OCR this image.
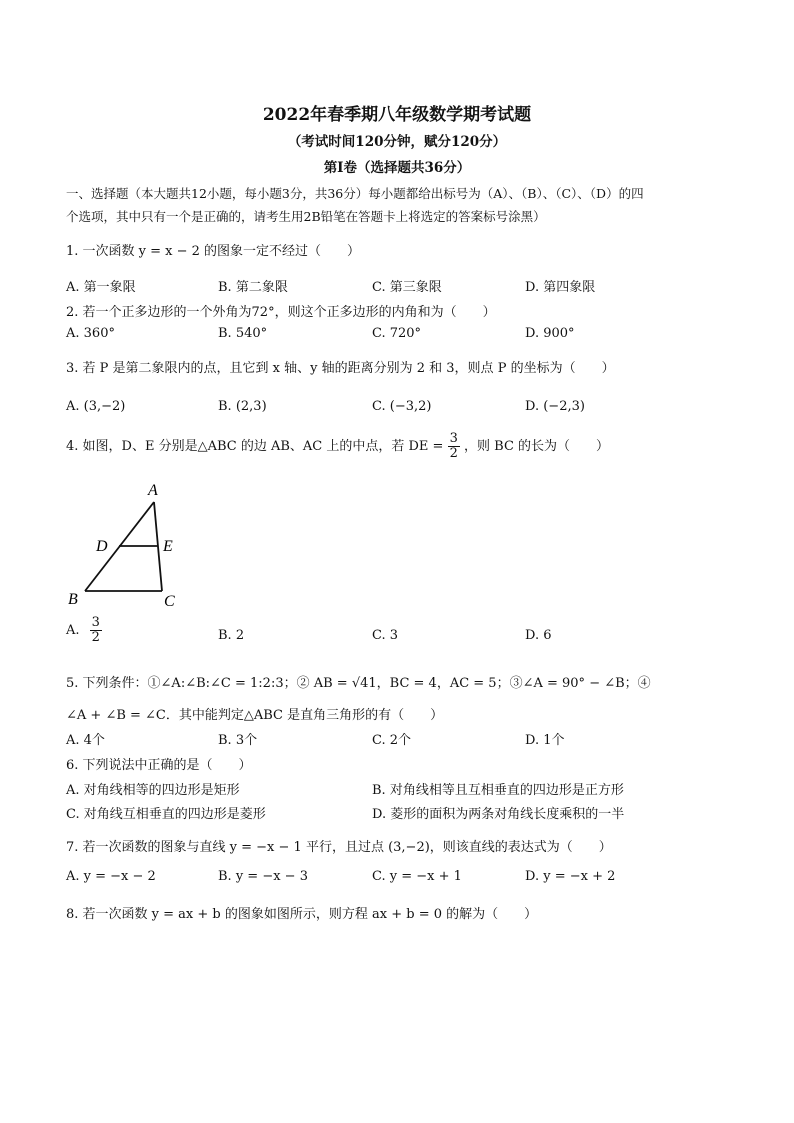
2022年春季期八年级数学期考试题
（考试时间120分钟，赋分120分）
第Ⅰ卷（选择题共36分）
一、选择题（本大题共12小题，每小题3分，共36分）每小题都给出标号为（A）、（B）、（C）、（D）的四
个选项，其中只有一个是正确的，请考生用2B铅笔在答题卡上将选定的答案标号涂黑）
1. 一次函数 y = x − 2 的图象一定不经过（　　）
A. 第一象限	B. 第二象限	C. 第三象限	D. 第四象限
2. 若一个正多边形的一个外角为72°，则这个正多边形的内角和为（　　）
A. 360°	B. 540°	C. 720°	D. 900°
3. 若 P 是第二象限内的点，且它到 x 轴、y 轴的距离分别为 2 和 3，则点 P 的坐标为（　　）
A. (3,−2)	B. (2,3)	C. (−3,2)	D. (−2,3)
4. 如图，D、E 分别是△ABC 的边 AB、AC 上的中点，若 DE = $\frac{3}{2}$ ，则 BC 的长为（　　）
A
D	E
B	C
A. $\frac{3}{2}$	B. 2	C. 3	D. 6
5. 下列条件：①∠A:∠B:∠C = 1:2:3；② AB = √41，BC = 4，AC = 5；③∠A = 90° − ∠B；④
∠A + ∠B = ∠C．其中能判定△ABC 是直角三角形的有（　　）
A. 4个	B. 3个	C. 2个	D. 1个
6. 下列说法中正确的是（　　）
A. 对角线相等的四边形是矩形	B. 对角线相等且互相垂直的四边形是正方形
C. 对角线互相垂直的四边形是菱形	D. 菱形的面积为两条对角线长度乘积的一半
7. 若一次函数的图象与直线 y = −x − 1 平行，且过点 (3,−2)，则该直线的表达式为（　　）
A. y = −x − 2	B. y = −x − 3	C. y = −x + 1	D. y = −x + 2
8. 若一次函数 y = ax + b 的图象如图所示，则方程 ax + b = 0 的解为（　　）
